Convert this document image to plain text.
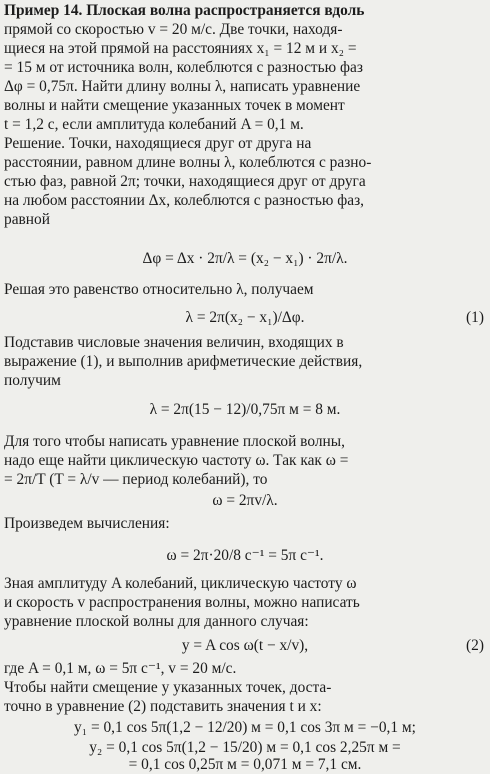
Пример 14. Плоская волна распространяется вдоль
прямой со скоростью v = 20 м/с. Две точки, находя-
щиеся на этой прямой на расстояниях x₁ = 12 м и x₂ =
= 15 м от источника волн, колеблются с разностью фаз
Δφ = 0,75π. Найти длину волны λ, написать уравнение
волны и найти смещение указанных точек в момент
t = 1,2 с, если амплитуда колебаний A = 0,1 м.
Решение. Точки, находящиеся друг от друга на
расстоянии, равном длине волны λ, колеблются с разно-
стью фаз, равной 2π; точки, находящиеся друг от друга
на любом расстоянии Δx, колеблются с разностью фаз,
равной
Δφ = Δx · 2π/λ = (x₂ − x₁) · 2π/λ.
Решая это равенство относительно λ, получаем
λ = 2π(x₂ − x₁)/Δφ.	(1)
Подставив числовые значения величин, входящих в
выражение (1), и выполнив арифметические действия,
получим
λ = 2π(15 − 12)/0,75π м = 8 м.
Для того чтобы написать уравнение плоской волны,
надо еще найти циклическую частоту ω. Так как ω =
= 2π/T (T = λ/v — период колебаний), то
ω = 2πv/λ.
Произведем вычисления:
ω = 2π·20/8 с⁻¹ = 5π с⁻¹.
Зная амплитуду A колебаний, циклическую частоту ω
и скорость v распространения волны, можно написать
уравнение плоской волны для данного случая:
y = A cos ω(t − x/v),	(2)
где A = 0,1 м, ω = 5π с⁻¹, v = 20 м/с.
Чтобы найти смещение y указанных точек, доста-
точно в уравнение (2) подставить значения t и x:
y₁ = 0,1 cos 5π(1,2 − 12/20) м = 0,1 cos 3π м = −0,1 м;
y₂ = 0,1 cos 5π(1,2 − 15/20) м = 0,1 cos 2,25π м =
= 0,1 cos 0,25π м = 0,071 м = 7,1 см.
